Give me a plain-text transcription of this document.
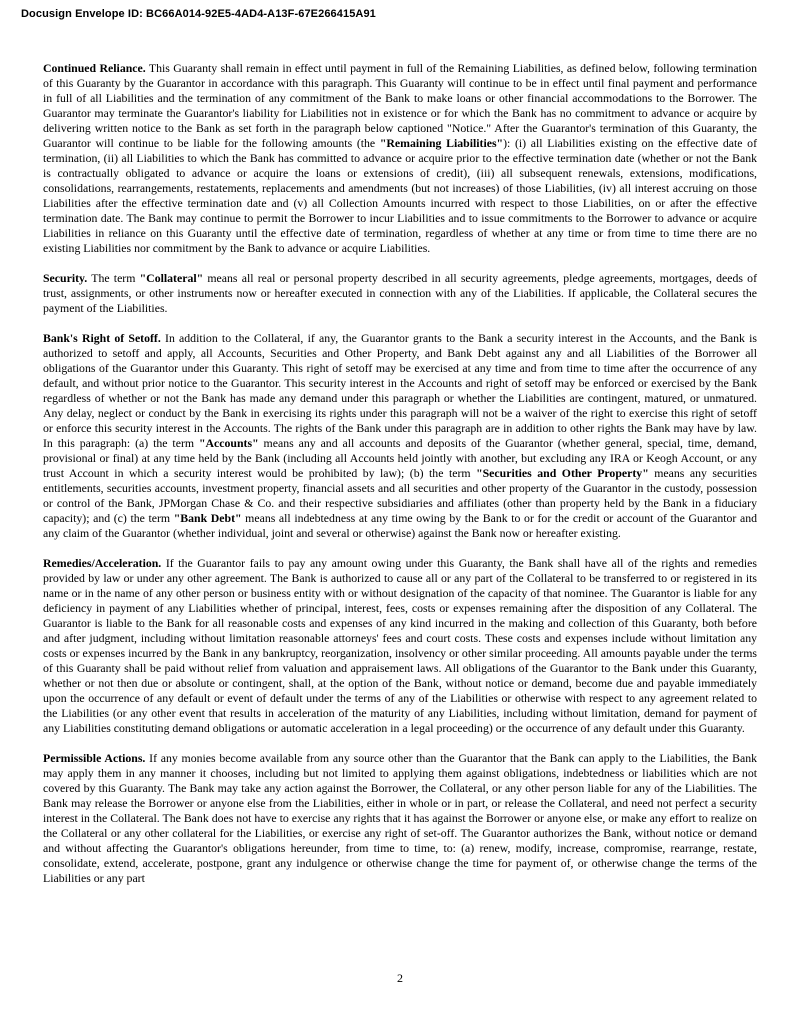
Docusign Envelope ID: BC66A014-92E5-4AD4-A13F-67E266415A91

Continued Reliance. This Guaranty shall remain in effect until payment in full of the Remaining Liabilities, as defined below, following termination of this Guaranty by the Guarantor in accordance with this paragraph. This Guaranty will continue to be in effect until final payment and performance in full of all Liabilities and the termination of any commitment of the Bank to make loans or other financial accommodations to the Borrower. The Guarantor may terminate the Guarantor's liability for Liabilities not in existence or for which the Bank has no commitment to advance or acquire by delivering written notice to the Bank as set forth in the paragraph below captioned "Notice." After the Guarantor's termination of this Guaranty, the Guarantor will continue to be liable for the following amounts (the "Remaining Liabilities"): (i) all Liabilities existing on the effective date of termination, (ii) all Liabilities to which the Bank has committed to advance or acquire prior to the effective termination date (whether or not the Bank is contractually obligated to advance or acquire the loans or extensions of credit), (iii) all subsequent renewals, extensions, modifications, consolidations, rearrangements, restatements, replacements and amendments (but not increases) of those Liabilities, (iv) all interest accruing on those Liabilities after the effective termination date and (v) all Collection Amounts incurred with respect to those Liabilities, on or after the effective termination date. The Bank may continue to permit the Borrower to incur Liabilities and to issue commitments to the Borrower to advance or acquire Liabilities in reliance on this Guaranty until the effective date of termination, regardless of whether at any time or from time to time there are no existing Liabilities nor commitment by the Bank to advance or acquire Liabilities.

Security. The term "Collateral" means all real or personal property described in all security agreements, pledge agreements, mortgages, deeds of trust, assignments, or other instruments now or hereafter executed in connection with any of the Liabilities. If applicable, the Collateral secures the payment of the Liabilities.

Bank's Right of Setoff. In addition to the Collateral, if any, the Guarantor grants to the Bank a security interest in the Accounts, and the Bank is authorized to setoff and apply, all Accounts, Securities and Other Property, and Bank Debt against any and all Liabilities of the Borrower all obligations of the Guarantor under this Guaranty. This right of setoff may be exercised at any time and from time to time after the occurrence of any default, and without prior notice to the Guarantor. This security interest in the Accounts and right of setoff may be enforced or exercised by the Bank regardless of whether or not the Bank has made any demand under this paragraph or whether the Liabilities are contingent, matured, or unmatured. Any delay, neglect or conduct by the Bank in exercising its rights under this paragraph will not be a waiver of the right to exercise this right of setoff or enforce this security interest in the Accounts. The rights of the Bank under this paragraph are in addition to other rights the Bank may have by law. In this paragraph: (a) the term "Accounts" means any and all accounts and deposits of the Guarantor (whether general, special, time, demand, provisional or final) at any time held by the Bank (including all Accounts held jointly with another, but excluding any IRA or Keogh Account, or any trust Account in which a security interest would be prohibited by law); (b) the term "Securities and Other Property" means any securities entitlements, securities accounts, investment property, financial assets and all securities and other property of the Guarantor in the custody, possession or control of the Bank, JPMorgan Chase & Co. and their respective subsidiaries and affiliates (other than property held by the Bank in a fiduciary capacity); and (c) the term "Bank Debt" means all indebtedness at any time owing by the Bank to or for the credit or account of the Guarantor and any claim of the Guarantor (whether individual, joint and several or otherwise) against the Bank now or hereafter existing.

Remedies/Acceleration. If the Guarantor fails to pay any amount owing under this Guaranty, the Bank shall have all of the rights and remedies provided by law or under any other agreement. The Bank is authorized to cause all or any part of the Collateral to be transferred to or registered in its name or in the name of any other person or business entity with or without designation of the capacity of that nominee. The Guarantor is liable for any deficiency in payment of any Liabilities whether of principal, interest, fees, costs or expenses remaining after the disposition of any Collateral. The Guarantor is liable to the Bank for all reasonable costs and expenses of any kind incurred in the making and collection of this Guaranty, both before and after judgment, including without limitation reasonable attorneys' fees and court costs. These costs and expenses include without limitation any costs or expenses incurred by the Bank in any bankruptcy, reorganization, insolvency or other similar proceeding. All amounts payable under the terms of this Guaranty shall be paid without relief from valuation and appraisement laws. All obligations of the Guarantor to the Bank under this Guaranty, whether or not then due or absolute or contingent, shall, at the option of the Bank, without notice or demand, become due and payable immediately upon the occurrence of any default or event of default under the terms of any of the Liabilities or otherwise with respect to any agreement related to the Liabilities (or any other event that results in acceleration of the maturity of any Liabilities, including without limitation, demand for payment of any Liabilities constituting demand obligations or automatic acceleration in a legal proceeding) or the occurrence of any default under this Guaranty.

Permissible Actions. If any monies become available from any source other than the Guarantor that the Bank can apply to the Liabilities, the Bank may apply them in any manner it chooses, including but not limited to applying them against obligations, indebtedness or liabilities which are not covered by this Guaranty. The Bank may take any action against the Borrower, the Collateral, or any other person liable for any of the Liabilities. The Bank may release the Borrower or anyone else from the Liabilities, either in whole or in part, or release the Collateral, and need not perfect a security interest in the Collateral. The Bank does not have to exercise any rights that it has against the Borrower or anyone else, or make any effort to realize on the Collateral or any other collateral for the Liabilities, or exercise any right of set-off. The Guarantor authorizes the Bank, without notice or demand and without affecting the Guarantor's obligations hereunder, from time to time, to: (a) renew, modify, increase, compromise, rearrange, restate, consolidate, extend, accelerate, postpone, grant any indulgence or otherwise change the time for payment of, or otherwise change the terms of the Liabilities or any part

2
